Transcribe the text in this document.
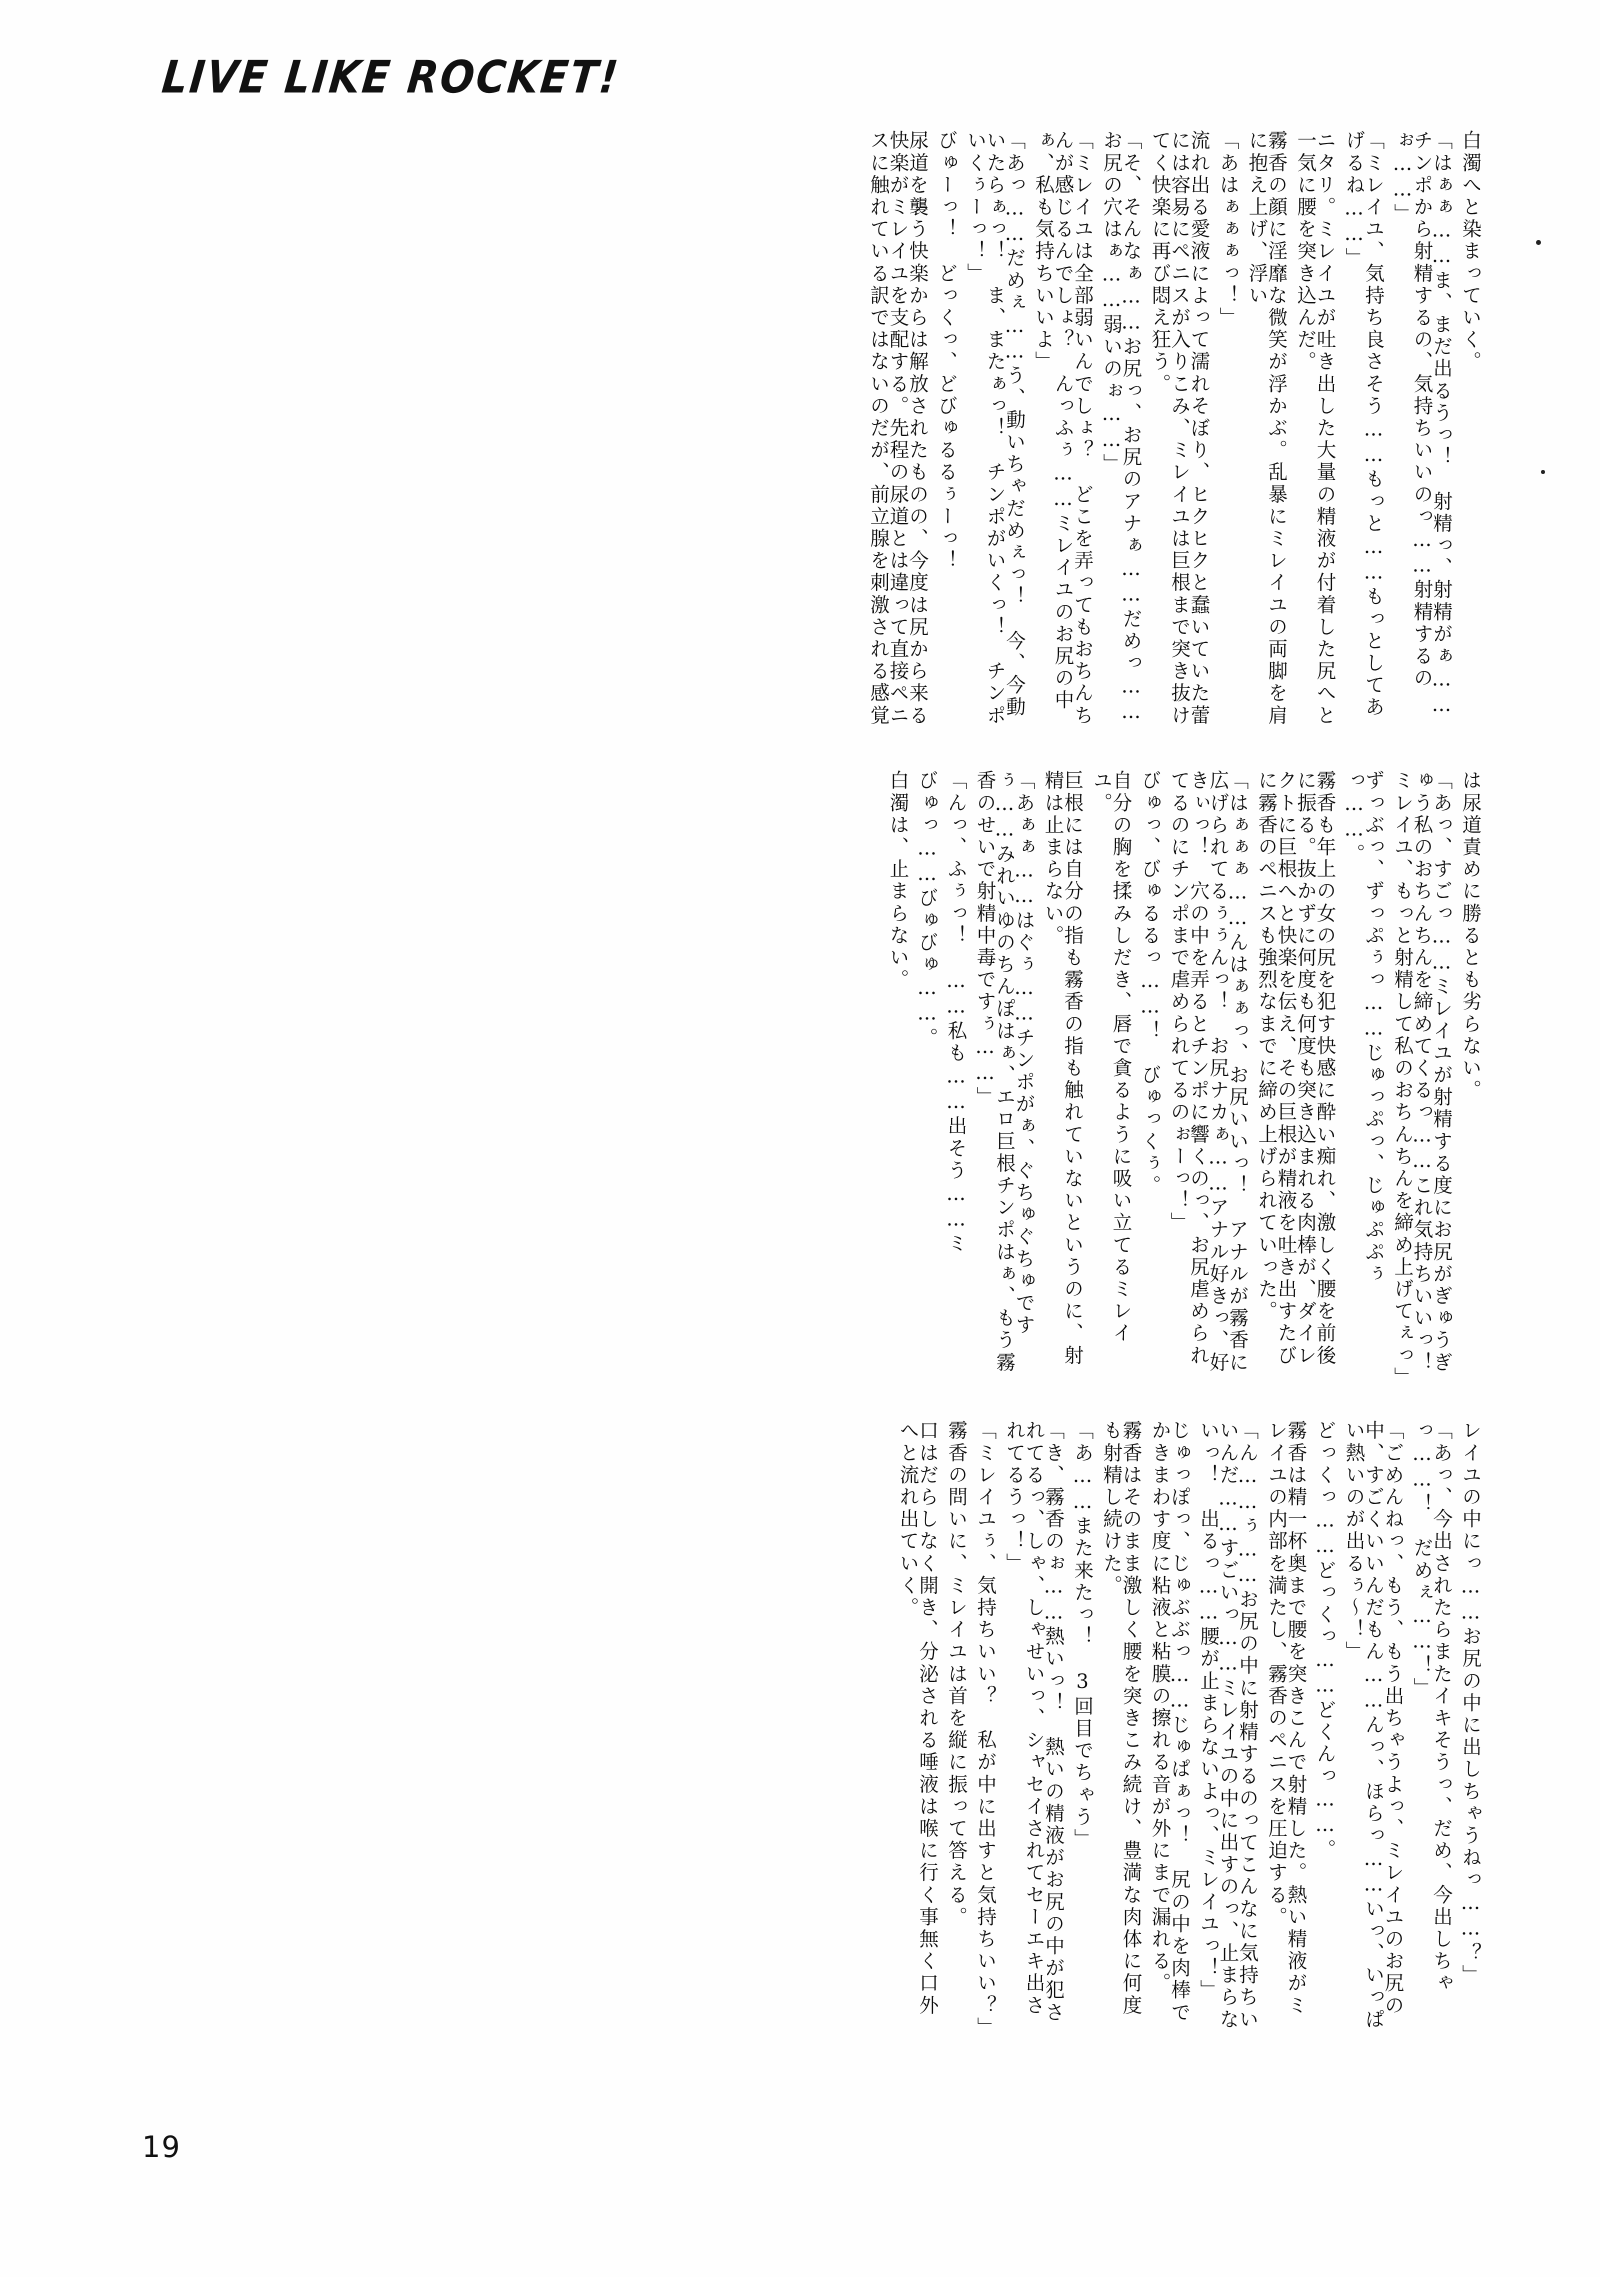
LIVE LIKE ROCKET!
白濁へと染まっていく。
「はぁぁ……ま、まだ出るうっ！　射精っ、射精がぁ……チンポから射精するの、気持ちいいのっ……射精するのぉ……」
「ミレイユ、気持ち良さそう……もっと……もっとしてあげるね……」
ニタリ。ミレイユが吐き出した大量の精液が付着した尻へと一気に腰を突き込んだ。
霧香の顔に淫靡な微笑が浮かぶ。乱暴にミレイユの両脚を肩に抱え上げ、浮い
「あはぁぁぁっ！」
流れ出る愛液によって濡れそぼり、ヒクヒクと蠢いていた蕾には容易にペニスが入りこみ、ミレイユは巨根まで突き抜けてく快楽に再び悶え狂う。
「そ、そんなぁ……お尻っ、お尻のアナぁ……だめっ……お尻の穴はぁ……弱いのぉ……」
「ミレイユは全部弱いんでしょ？　どこを弄ってもおちんちんが感じるんでしょ？　んっふぅ……ミレイユのお尻の中ぁ、私も気持ちいいよ」
「あっ……だめぇ……う、動いちゃだめぇっ！　今、今動いたらぁっ！　ま、またぁっ！　チンポがいくっ！　チンポいくぅーっ！」
びゅーっ！　どっくっ、どびゅるるぅーっ！
尿道を襲う快楽からは解放されたものの、今度は尻から来る快楽がミレイユを支配する。先程の尿道とは違って直接ペニスに触れている訳ではないのだが、前立腺を刺激される感覚
は尿道責めに勝るとも劣らない。
「あっ、すごっ……ミレイユが射精する度にお尻がぎゅうぎゅう私のおちんちんを締めてくるっ……これ気持ちいいっ！　ミレイユ、もっと射精して私のおちんちんを締め上げてぇっ」
ずっぶっ、ずっぷぅっ……じゅっぷっ、じゅぷぷぅっ……。
霧香も年上の女の尻を犯す快感に酔い痴れ、激しく腰を前後に振る。抜かずに何度も何度も突き込まれる肉棒が、ダイレクトに巨根へと快楽を伝え、その巨根が精液を吐き出すたびに霧香のペニスも強烈なまでに締め上げられていった。
「はぁぁぁ……んはぁぁっ、お尻いいっ！　アナルが霧香に広げられてるぅぅんっ！　お尻ナカぁ……アナル好きっ、好きぃっ！　穴の中を弄るとチンポに響くのっ、お尻虐められてるのにチンポまで虐められてるのぉーっ！」
びゅっ、びゅるるっ……！　びゅっくぅ。
自分の胸を揉みしだき、唇で貪るように吸い立てるミレイユ。
巨根には自分の指も霧香の指も触れていないというのに、射精は止まらない。
「あぁぁ……はぐぅ……チンポがぁ、ぐちゅぐちゅですぅ……みれいゆのちんぽはぁ、エロ巨根チンポはぁ、もう霧香のせいで射精中毒ですぅ……」
「んっ、ふぅっ！　……私も……出そう……ミ
びゅっ……びゅびゅ……。
白濁は、止まらない。
レイユの中にっ……お尻の中に出しちゃうねっ……？」
「あっ、今出されたらまたイキそうっ、だめ、今出しちゃっ……！　だめぇ……！」
「ごめんねっ、もう、もう出ちゃうよっ、ミレイユのお尻の中、すごくいいんだもん……んっ、ほらっ……いっ、いっぱい熱いのが出るぅ〜！」
どっくっ……どっくっ……どくんっ……。
霧香は精一杯奥まで腰を突きこんで射精した。熱い精液がミレイユの内部を満たし、霧香のペニスを圧迫する。
「ん……ぅ……お尻の中に射精するのってこんなに気持ちいいんだ……すごいっ……ミレイユの中に出すのっ、止まらないっ！　出るっ……腰が止まらないよっ、ミレイユっ！」
じゅっぽっ、じゅぶぶっ……じゅぱぁっ！　尻の中を肉棒でかきまわす度に粘液と粘膜の擦れる音が外にまで漏れる。
霧香はそのまま激しく腰を突きこみ続け、豊満な肉体に何度も射精し続けた。
「あ……また来たっ！　3回目でちゃう」
「き、霧香のぉ……熱いっ！　熱いの精液がお尻の中が犯されてるっ、しゃ、しゃせいっ、シャセイされてセーエキ出されてるうっ！」
「ミレイユぅ、気持ちいい？　私が中に出すと気持ちいい？」
霧香の問いに、ミレイユは首を縦に振って答える。
口はだらしなく開き、分泌される唾液は喉に行く事無く口外へと流れ出ていく。
19
